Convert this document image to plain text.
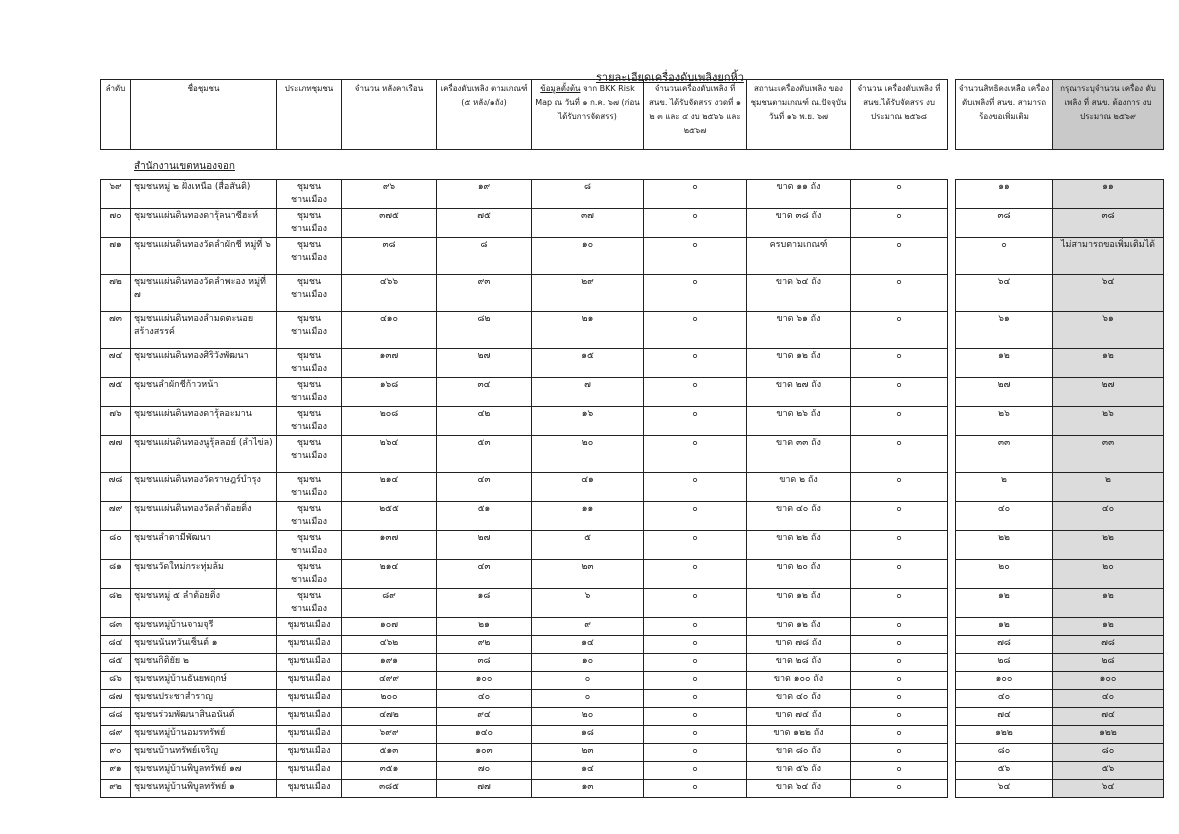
รายละเอียดเครื่องดับเพลิงยกหิ้ว
ลำดับ	ชื่อชุมชน	ประเภทชุมชน	จำนวน หลังคาเรือน	เครื่องดับเพลิง ตามเกณฑ์ (๕ หลัง/๑ถัง)	ข้อมูลตั้งต้น จาก BKK Risk Map ณ วันที่ ๑ ก.ค. ๖๗ (ก่อนได้รับการจัดสรร)	จำนวนเครื่องดับเพลิง ที่ สนข. ได้รับจัดสรร งวดที่ ๑ ๒ ๓ และ ๔ งบ ๒๕๖๖ และ ๒๕๖๗	สถานะเครื่องดับเพลิง ของชุมชนตามเกณฑ์ ณ.ปัจจุบัน วันที่ ๑๖ พ.ย. ๖๗	จำนวน เครื่องดับเพลิง ที่ สนข.ได้รับจัดสรร งบประมาณ ๒๕๖๘		จำนวนสิทธิคงเหลือ เครื่องดับเพลิงที่ สนข. สามารถร้องขอเพิ่มเติม	กรุณาระบุจำนวน เครื่อง ดับเพลิง ที่ สนข. ต้องการ งบประมาณ ๒๕๖๙
สำนักงานเขตหนองจอก
๖๙	ชุมชนหมู่ ๒ ฝั่งเหนือ (สื่อสันติ)	ชุมชนชานเมือง	๙๖	๑๙	๘	๐	ขาด ๑๑ ถัง	๐		๑๑	๑๑
๗๐	ชุมชนแผ่นดินทองดารุ้ลนาซีฮะห์	ชุมชนชานเมือง	๓๗๕	๗๕	๓๗	๐	ขาด ๓๘ ถัง	๐		๓๘	๓๘
๗๑	ชุมชนแผ่นดินทองวัดลำผักชี หมู่ที่ ๖	ชุมชนชานเมือง	๓๘	๘	๑๐	๐	ครบตามเกณฑ์	๐		๐	ไม่สามารถขอเพิ่มเติมได้
๗๒	ชุมชนแผ่นดินทองวัดลำพะอง หมู่ที่ ๗	ชุมชนชานเมือง	๔๖๖	๙๓	๒๙	๐	ขาด ๖๔ ถัง	๐		๖๔	๖๔
๗๓	ชุมชนแผ่นดินทองลำมดตะนอย สร้างสรรค์	ชุมชนชานเมือง	๔๑๐	๘๒	๒๑	๐	ขาด ๖๑ ถัง	๐		๖๑	๖๑
๗๔	ชุมชนแผ่นดินทองศิริวังพัฒนา	ชุมชนชานเมือง	๑๓๗	๒๗	๑๕	๐	ขาด ๑๒ ถัง	๐		๑๒	๑๒
๗๕	ชุมชนลำผักชีก้าวหน้า	ชุมชนชานเมือง	๑๖๘	๓๔	๗	๐	ขาด ๒๗ ถัง	๐		๒๗	๒๗
๗๖	ชุมชนแผ่นดินทองดารุ้ลอะมาน	ชุมชนชานเมือง	๒๐๘	๔๒	๑๖	๐	ขาด ๒๖ ถัง	๐		๒๖	๒๖
๗๗	ชุมชนแผ่นดินทองนูรุ้ลลอย์ (ลำไข่ล)	ชุมชนชานเมือง	๒๖๔	๕๓	๒๐	๐	ขาด ๓๓ ถัง	๐		๓๓	๓๓
๗๘	ชุมชนแผ่นดินทองวัดราษฎร์บำรุง	ชุมชนชานเมือง	๒๑๔	๔๓	๔๑	๐	ขาด ๒ ถัง	๐		๒	๒
๗๙	ชุมชนแผ่นดินทองวัดลำต้อยติ่ง	ชุมชนชานเมือง	๒๕๕	๕๑	๑๑	๐	ขาด ๔๐ ถัง	๐		๔๐	๔๐
๘๐	ชุมชนลำตามีพัฒนา	ชุมชนชานเมือง	๑๓๗	๒๗	๕	๐	ขาด ๒๒ ถัง	๐		๒๒	๒๒
๘๑	ชุมชนวัดใหม่กระทุ่มล้ม	ชุมชนชานเมือง	๒๑๔	๔๓	๒๓	๐	ขาด ๒๐ ถัง	๐		๒๐	๒๐
๘๒	ชุมชนหมู่ ๕ ลำต้อยติ่ง	ชุมชนชานเมือง	๘๙	๑๘	๖	๐	ขาด ๑๒ ถัง	๐		๑๒	๑๒
๘๓	ชุมชนหมู่บ้านจามจุรี	ชุมชนเมือง	๑๐๗	๒๑	๙	๐	ขาด ๑๒ ถัง	๐		๑๒	๑๒
๘๔	ชุมชนนันทวันเซ็นต์ ๑	ชุมชนเมือง	๔๖๒	๙๒	๑๔	๐	ขาด ๗๘ ถัง	๐		๗๘	๗๘
๘๕	ชุมชนกิติยัย ๒	ชุมชนเมือง	๑๙๑	๓๘	๑๐	๐	ขาด ๒๘ ถัง	๐		๒๘	๒๘
๘๖	ชุมชนหมู่บ้านธันยพฤกษ์	ชุมชนเมือง	๔๙๙	๑๐๐	๐	๐	ขาด ๑๐๐ ถัง	๐		๑๐๐	๑๐๐
๘๗	ชุมชนประชาสำราญ	ชุมชนเมือง	๒๐๐	๔๐	๐	๐	ขาด ๔๐ ถัง	๐		๔๐	๔๐
๘๘	ชุมชนร่วมพัฒนาสินอนันต์	ชุมชนเมือง	๔๗๒	๙๔	๒๐	๐	ขาด ๗๔ ถัง	๐		๗๔	๗๔
๘๙	ชุมชนหมู่บ้านอมรทรัพย์	ชุมชนเมือง	๖๙๙	๑๔๐	๑๘	๐	ขาด ๑๒๒ ถัง	๐		๑๒๒	๑๒๒
๙๐	ชุมชนบ้านทรัพย์เจริญ	ชุมชนเมือง	๕๑๓	๑๐๓	๒๓	๐	ขาด ๘๐ ถัง	๐		๘๐	๘๐
๙๑	ชุมชนหมู่บ้านพิบูลทรัพย์ ๑๗	ชุมชนเมือง	๓๕๑	๗๐	๑๔	๐	ขาด ๕๖ ถัง	๐		๕๖	๕๖
๙๒	ชุมชนหมู่บ้านพิบูลทรัพย์ ๑	ชุมชนเมือง	๓๘๕	๗๗	๑๓	๐	ขาด ๖๔ ถัง	๐		๖๔	๖๔
